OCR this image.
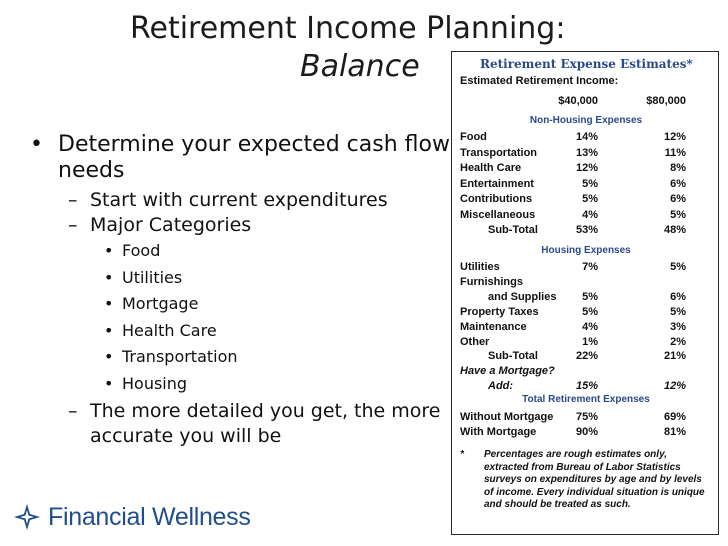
Retirement Income Planning:
Balance
• Determine your expected cash flow needs
– Start with current expenditures
– Major Categories
• Food
• Utilities
• Mortgage
• Health Care
• Transportation
• Housing
– The more detailed you get, the more accurate you will be
Financial Wellness
Retirement Expense Estimates*
Estimated Retirement Income:
$40,000	$80,000
Non-Housing Expenses
Food	14%	12%
Transportation	13%	11%
Health Care	12%	8%
Entertainment	5%	6%
Contributions	5%	6%
Miscellaneous	4%	5%
Sub-Total	53%	48%
Housing Expenses
Utilities	7%	5%
Furnishings
and Supplies 5%	6%
Property Taxes	5%	5%
Maintenance	4%	3%
Other	1%	2%
Sub-Total	22%	21%
Have a Mortgage?
Add:	15%	12%
Total Retirement Expenses
Without Mortgage 75%	69%
With Mortgage	90%	81%
* Percentages are rough estimates only, extracted from Bureau of Labor Statistics surveys on expenditures by age and by levels of income. Every individual situation is unique and should be treated as such.
